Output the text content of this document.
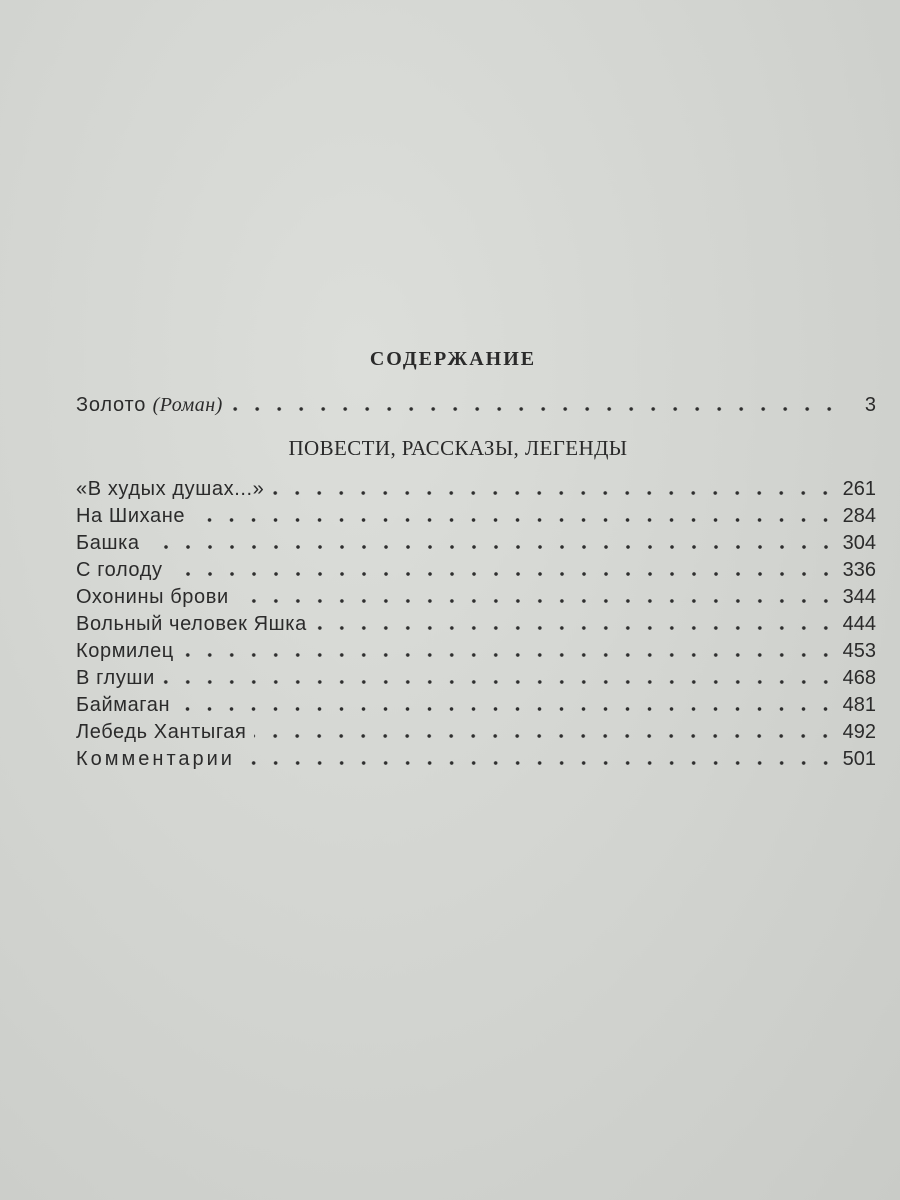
СОДЕРЖАНИЕ
Золото (Роман)	3
ПОВЕСТИ, РАССКАЗЫ, ЛЕГЕНДЫ
«В худых душах...»	261
На Шихане	284
Башка	304
С голоду	336
Охонины брови	344
Вольный человек Яшка	444
Кормилец	453
В глуши	468
Баймаган	481
Лебедь Хантыгая	492
Комментарии	501
